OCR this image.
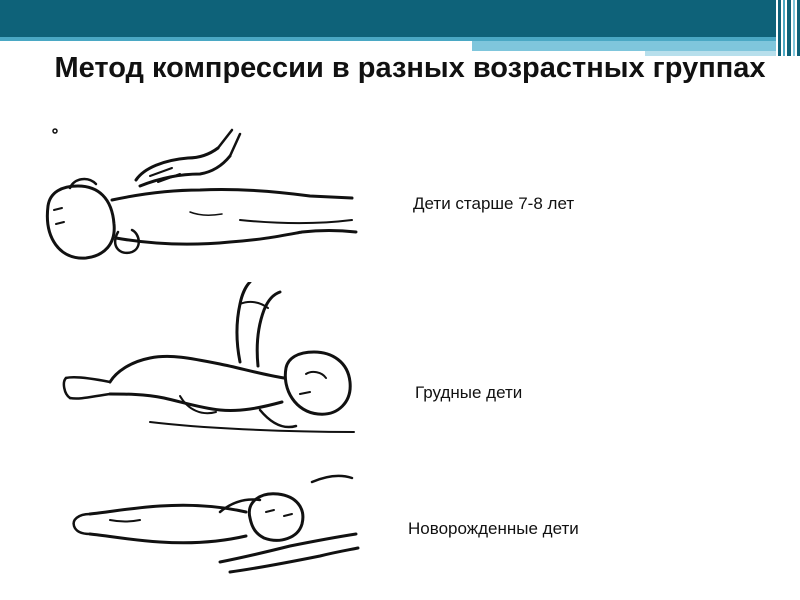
Метод компрессии в разных возрастных группах
Дети старше 7-8 лет
Грудные дети
Новорожденные дети
